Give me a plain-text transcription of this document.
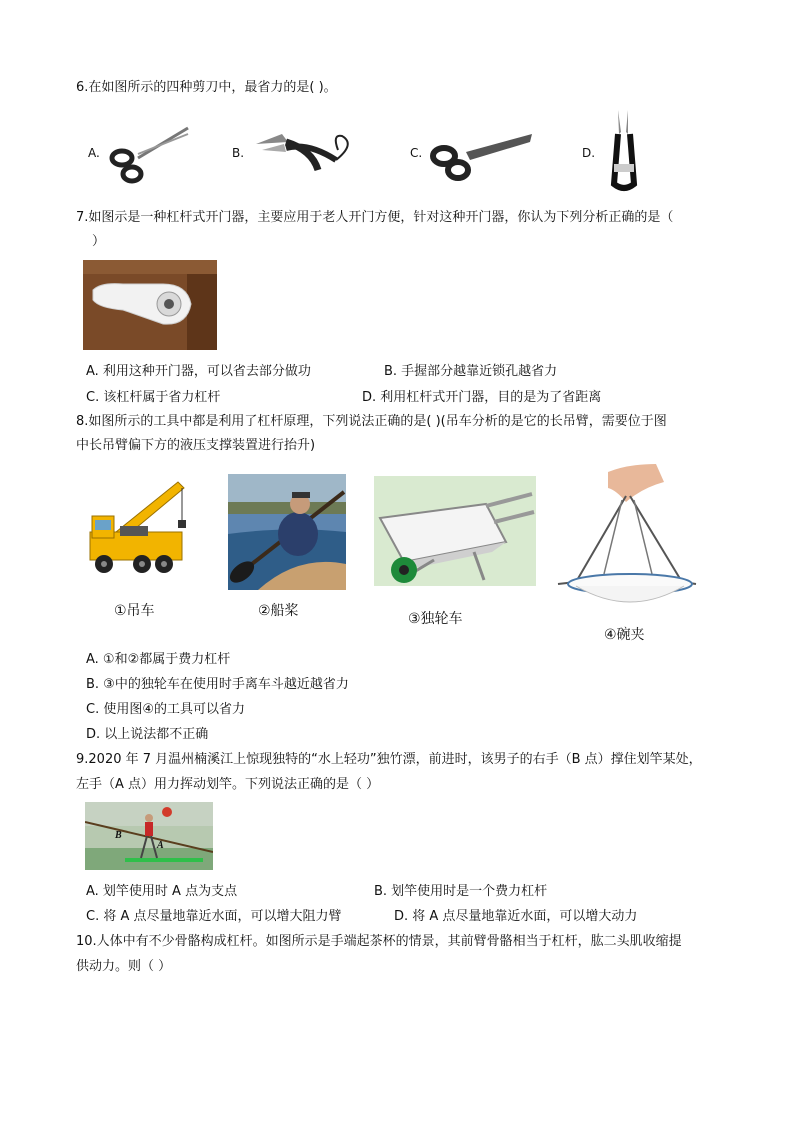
6.在如图所示的四种剪刀中，最省力的是( )。
A.	B.	C.	D.
7.如图示是一种杠杆式开门器，主要应用于老人开门方便，针对这种开门器，你认为下列分析正确的是（
）
A. 利用这种开门器，可以省去部分做功	B. 手握部分越靠近锁孔越省力
C. 该杠杆属于省力杠杆	D. 利用杠杆式开门器，目的是为了省距离
8.如图所示的工具中都是利用了杠杆原理，下列说法正确的是( )(吊车分析的是它的长吊臂，需要位于图
中长吊臂偏下方的液压支撑装置进行抬升)
①吊车	②船桨	③独轮车
④碗夹
A. ①和②都属于费力杠杆
B. ③中的独轮车在使用时手离车斗越近越省力
C. 使用图④的工具可以省力
D. 以上说法都不正确
9.2020 年 7 月温州楠溪江上惊现独特的“水上轻功”独竹漂，前进时，该男子的右手（B 点）撑住划竿某处，
左手（A 点）用力挥动划竿。下列说法正确的是（ ）
B
A
A. 划竿使用时 A 点为支点	B. 划竿使用时是一个费力杠杆
C. 将 A 点尽量地靠近水面，可以增大阻力臂	D. 将 A 点尽量地靠近水面，可以增大动力
10.人体中有不少骨骼构成杠杆。如图所示是手端起茶杯的情景，其前臂骨骼相当于杠杆，肱二头肌收缩提
供动力。则（ ）
